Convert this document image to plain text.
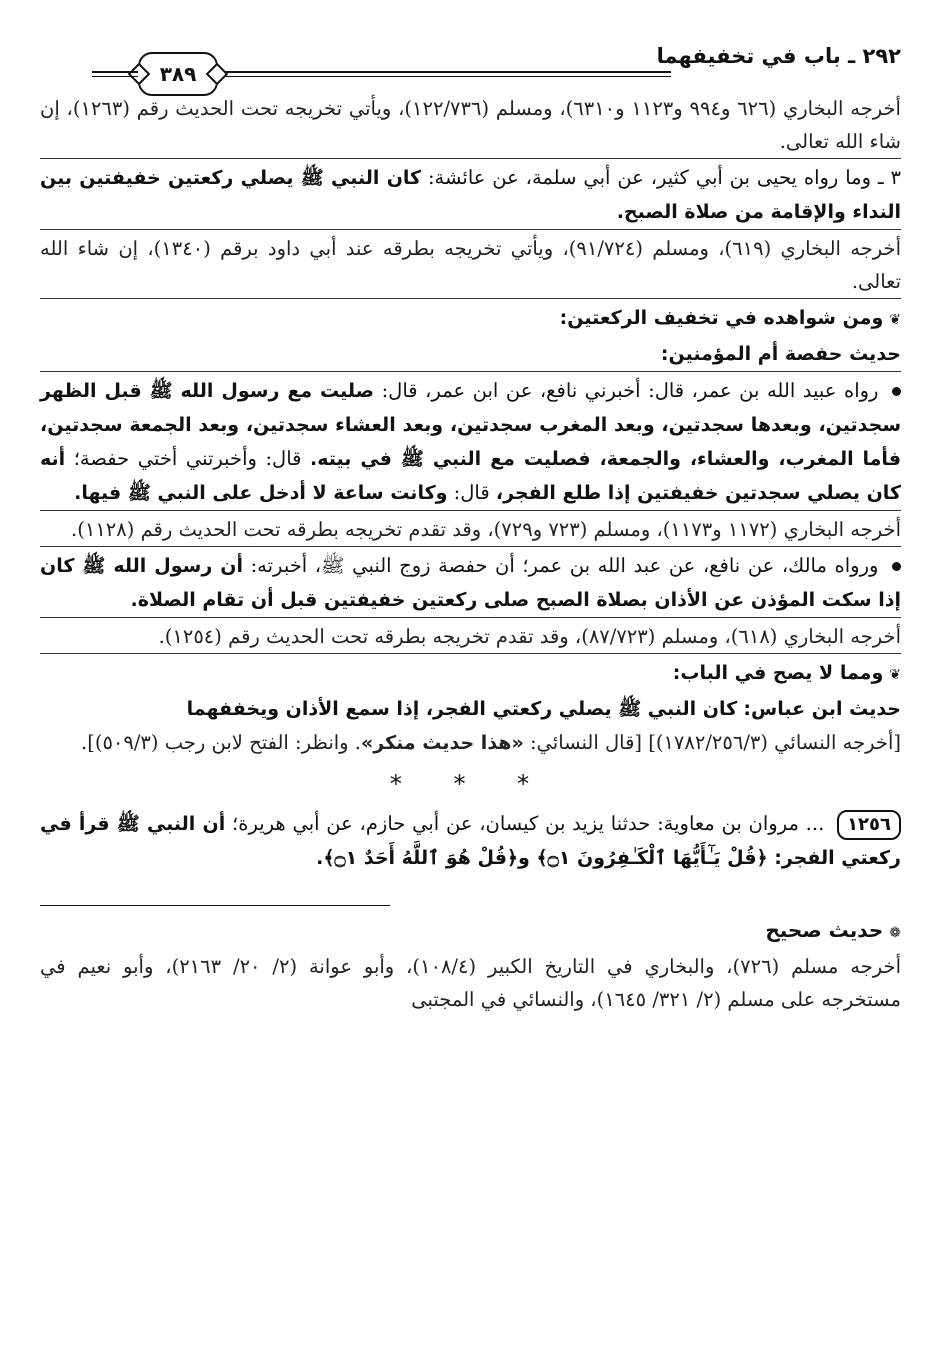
٢٩٢ ـ باب في تخفيفهما
٣٨٩

أخرجه البخاري (٦٢٦ و٩٩٤ و١١٢٣ و٦٣١٠)، ومسلم (١٢٢/٧٣٦)، ويأتي تخريجه تحت الحديث رقم (١٢٦٣)، إن شاء الله تعالى.

٣ ـ وما رواه يحيى بن أبي كثير، عن أبي سلمة، عن عائشة: كان النبي ﷺ يصلي ركعتين خفيفتين بين النداء والإقامة من صلاة الصبح.

أخرجه البخاري (٦١٩)، ومسلم (٩١/٧٢٤)، ويأتي تخريجه بطرقه عند أبي داود برقم (١٣٤٠)، إن شاء الله تعالى.

❦ومن شواهده في تخفيف الركعتين:

حديث حفصة أم المؤمنين:

رواه عبيد الله بن عمر، قال: أخبرني نافع، عن ابن عمر، قال: صليت مع رسول الله ﷺ قبل الظهر سجدتين، وبعدها سجدتين، وبعد المغرب سجدتين، وبعد العشاء سجدتين، وبعد الجمعة سجدتين، فأما المغرب، والعشاء، والجمعة، فصليت مع النبي ﷺ في بيته. قال: وأخبرتني أختي حفصة؛ أنه كان يصلي سجدتين خفيفتين إذا طلع الفجر، قال: وكانت ساعة لا أدخل على النبي ﷺ فيها.

أخرجه البخاري (١١٧٢ و١١٧٣)، ومسلم (٧٢٣ و٧٢٩)، وقد تقدم تخريجه بطرقه تحت الحديث رقم (١١٢٨).

ورواه مالك، عن نافع، عن عبد الله بن عمر؛ أن حفصة زوج النبي ﷺ، أخبرته: أن رسول الله ﷺ كان إذا سكت المؤذن عن الأذان بصلاة الصبح صلى ركعتين خفيفتين قبل أن تقام الصلاة.

أخرجه البخاري (٦١٨)، ومسلم (٨٧/٧٢٣)، وقد تقدم تخريجه بطرقه تحت الحديث رقم (١٢٥٤).

❦ومما لا يصح في الباب:

حديث ابن عباس: كان النبي ﷺ يصلي ركعتي الفجر، إذا سمع الأذان ويخففهما

[أخرجه النسائي (١٧٨٢/٢٥٦/٣)] [قال النسائي: «هذا حديث منكر». وانظر: الفتح لابن رجب (٥٠٩/٣)].

* * *

١٢٥٦ ... مروان بن معاوية: حدثنا يزيد بن كيسان، عن أبي حازم، عن أبي هريرة؛ أن النبي ﷺ قرأ في ركعتي الفجر: ﴿قُلْ يَـٰٓأَيُّهَا ٱلْكَـٰفِرُونَ ۝١﴾ و﴿قُلْ هُوَ ٱللَّهُ أَحَدٌ ۝١﴾.

❁حديث صحيح

أخرجه مسلم (٧٢٦)، والبخاري في التاريخ الكبير (١٠٨/٤)، وأبو عوانة (٢/ ٢٠/ ٢١٦٣)، وأبو نعيم في مستخرجه على مسلم (٢/ ٣٢١/ ١٦٤٥)، والنسائي في المجتبى
